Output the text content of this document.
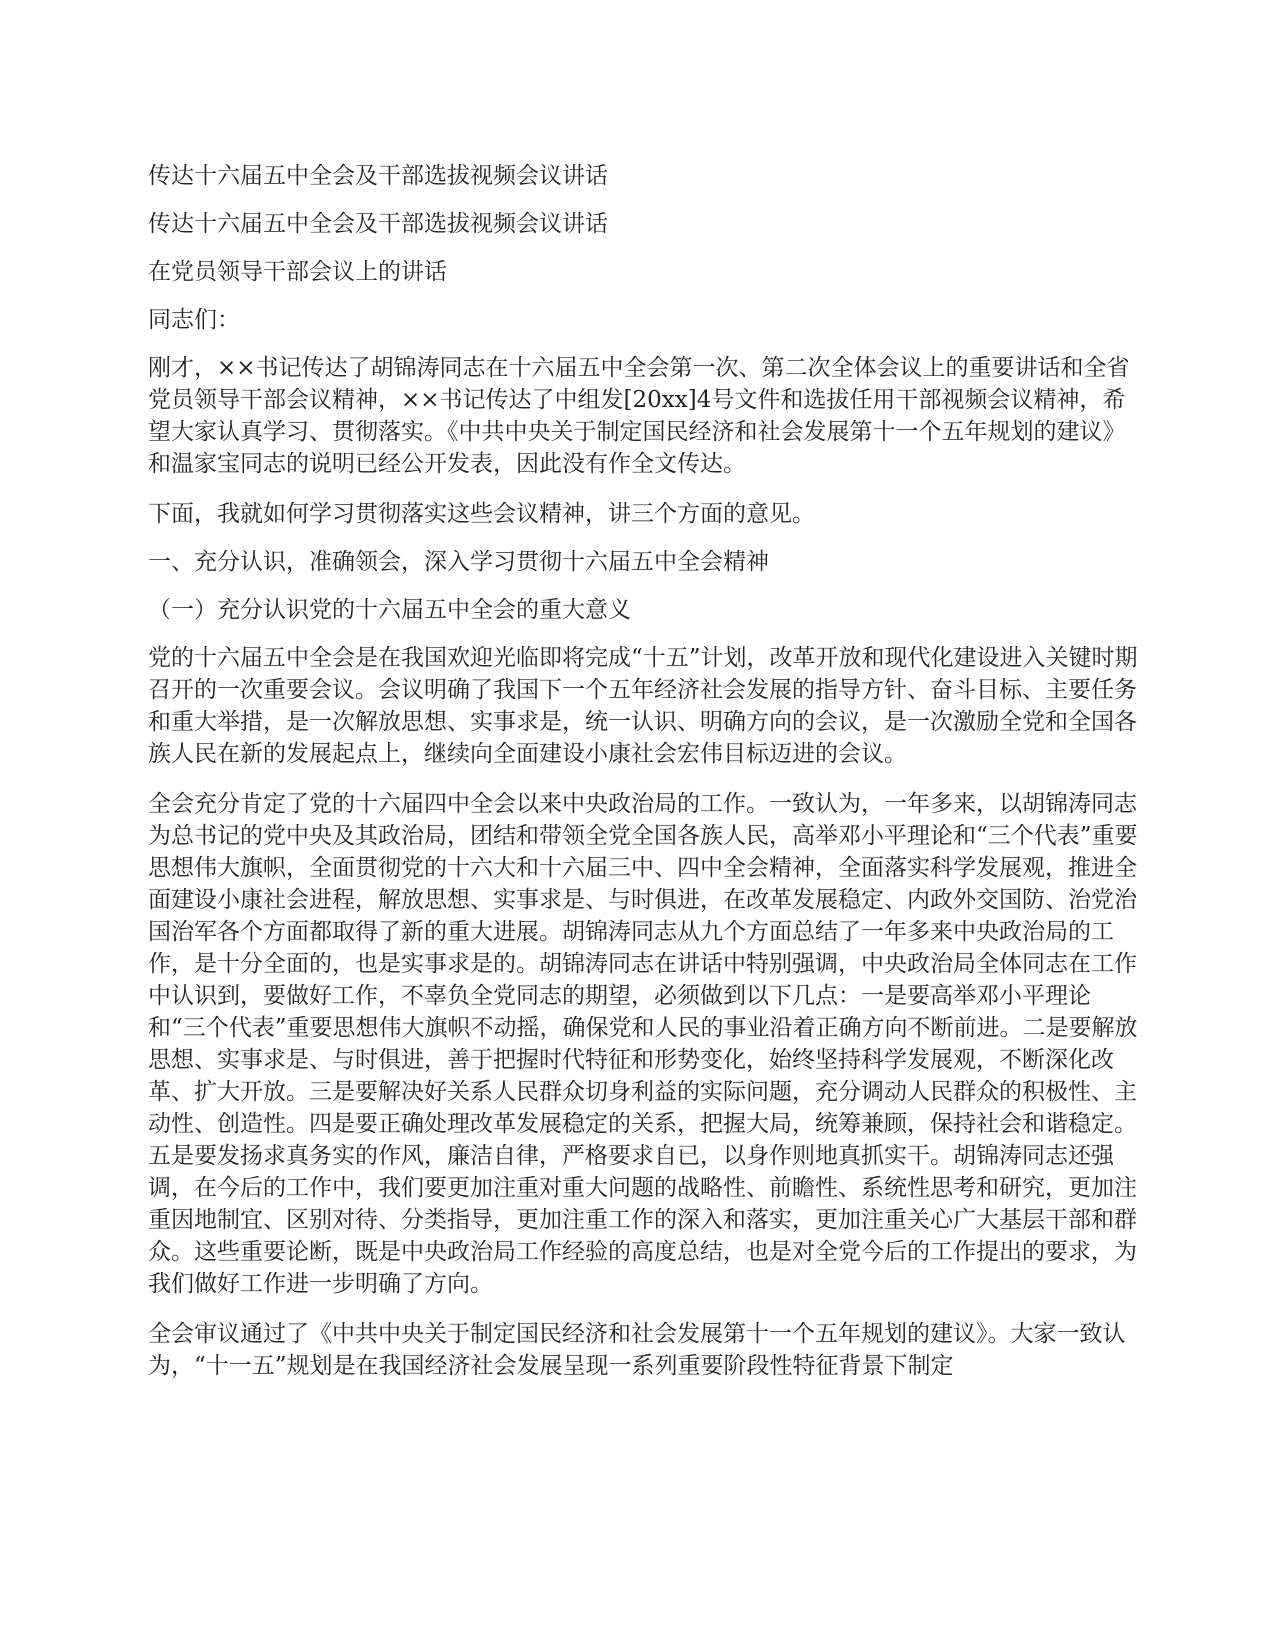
传达十六届五中全会及干部选拔视频会议讲话

传达十六届五中全会及干部选拔视频会议讲话

在党员领导干部会议上的讲话

同志们：

刚才，××书记传达了胡锦涛同志在十六届五中全会第一次、第二次全体会议上的重要讲话和全省党员领导干部会议精神，××书记传达了中组发[20xx]4号文件和选拔任用干部视频会议精神，希望大家认真学习、贯彻落实。《中共中央关于制定国民经济和社会发展第十一个五年规划的建议》和温家宝同志的说明已经公开发表，因此没有作全文传达。

下面，我就如何学习贯彻落实这些会议精神，讲三个方面的意见。

一、充分认识，准确领会，深入学习贯彻十六届五中全会精神

（一）充分认识党的十六届五中全会的重大意义

党的十六届五中全会是在我国欢迎光临即将完成“十五”计划，改革开放和现代化建设进入关键时期召开的一次重要会议。会议明确了我国下一个五年经济社会发展的指导方针、奋斗目标、主要任务和重大举措，是一次解放思想、实事求是，统一认识、明确方向的会议，是一次激励全党和全国各族人民在新的发展起点上，继续向全面建设小康社会宏伟目标迈进的会议。

全会充分肯定了党的十六届四中全会以来中央政治局的工作。一致认为，一年多来，以胡锦涛同志为总书记的党中央及其政治局，团结和带领全党全国各族人民，高举邓小平理论和“三个代表”重要思想伟大旗帜，全面贯彻党的十六大和十六届三中、四中全会精神，全面落实科学发展观，推进全面建设小康社会进程，解放思想、实事求是、与时俱进，在改革发展稳定、内政外交国防、治党治国治军各个方面都取得了新的重大进展。胡锦涛同志从九个方面总结了一年多来中央政治局的工作，是十分全面的，也是实事求是的。胡锦涛同志在讲话中特别强调，中央政治局全体同志在工作中认识到，要做好工作，不辜负全党同志的期望，必须做到以下几点：一是要高举邓小平理论和“三个代表”重要思想伟大旗帜不动摇，确保党和人民的事业沿着正确方向不断前进。二是要解放思想、实事求是、与时俱进，善于把握时代特征和形势变化，始终坚持科学发展观，不断深化改革、扩大开放。三是要解决好关系人民群众切身利益的实际问题，充分调动人民群众的积极性、主动性、创造性。四是要正确处理改革发展稳定的关系，把握大局，统筹兼顾，保持社会和谐稳定。五是要发扬求真务实的作风，廉洁自律，严格要求自已，以身作则地真抓实干。胡锦涛同志还强调，在今后的工作中，我们要更加注重对重大问题的战略性、前瞻性、系统性思考和研究，更加注重因地制宜、区别对待、分类指导，更加注重工作的深入和落实，更加注重关心广大基层干部和群众。这些重要论断，既是中央政治局工作经验的高度总结，也是对全党今后的工作提出的要求，为我们做好工作进一步明确了方向。

全会审议通过了《中共中央关于制定国民经济和社会发展第十一个五年规划的建议》。大家一致认为，“十一五”规划是在我国经济社会发展呈现一系列重要阶段性特征背景下制定
